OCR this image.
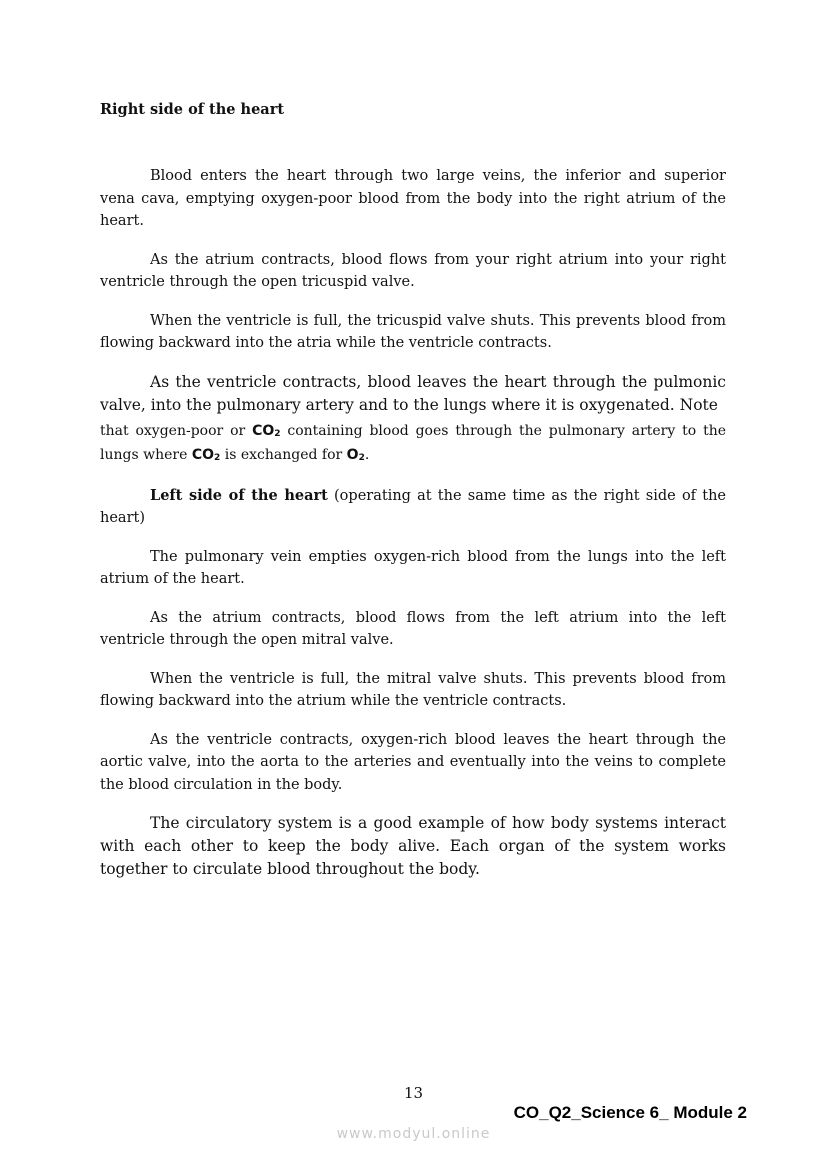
Right side of the heart

Blood enters the heart through two large veins, the inferior and superior vena cava, emptying oxygen-poor blood from the body into the right atrium of the heart.

As the atrium contracts, blood flows from your right atrium into your right ventricle through the open tricuspid valve.

When the ventricle is full, the tricuspid valve shuts. This prevents blood from flowing backward into the atria while the ventricle contracts.

As the ventricle contracts, blood leaves the heart through the pulmonic valve, into the pulmonary artery and to the lungs where it is oxygenated. Note

that oxygen-poor or $CO_2$ containing blood goes through the pulmonary artery to the lungs where $CO_2$ is exchanged for $O_2$.

Left side of the heart (operating at the same time as the right side of the heart)

The pulmonary vein empties oxygen-rich blood from the lungs into the left atrium of the heart.

As the atrium contracts, blood flows from the left atrium into the left ventricle through the open mitral valve.

When the ventricle is full, the mitral valve shuts. This prevents blood from flowing backward into the atrium while the ventricle contracts.

As the ventricle contracts, oxygen-rich blood leaves the heart through the aortic valve, into the aorta to the arteries and eventually into the veins to complete the blood circulation in the body.

The circulatory system is a good example of how body systems interact with each other to keep the body alive. Each organ of the system works together to circulate blood throughout the body.

13
CO_Q2_Science 6_ Module 2
www.modyul.online
